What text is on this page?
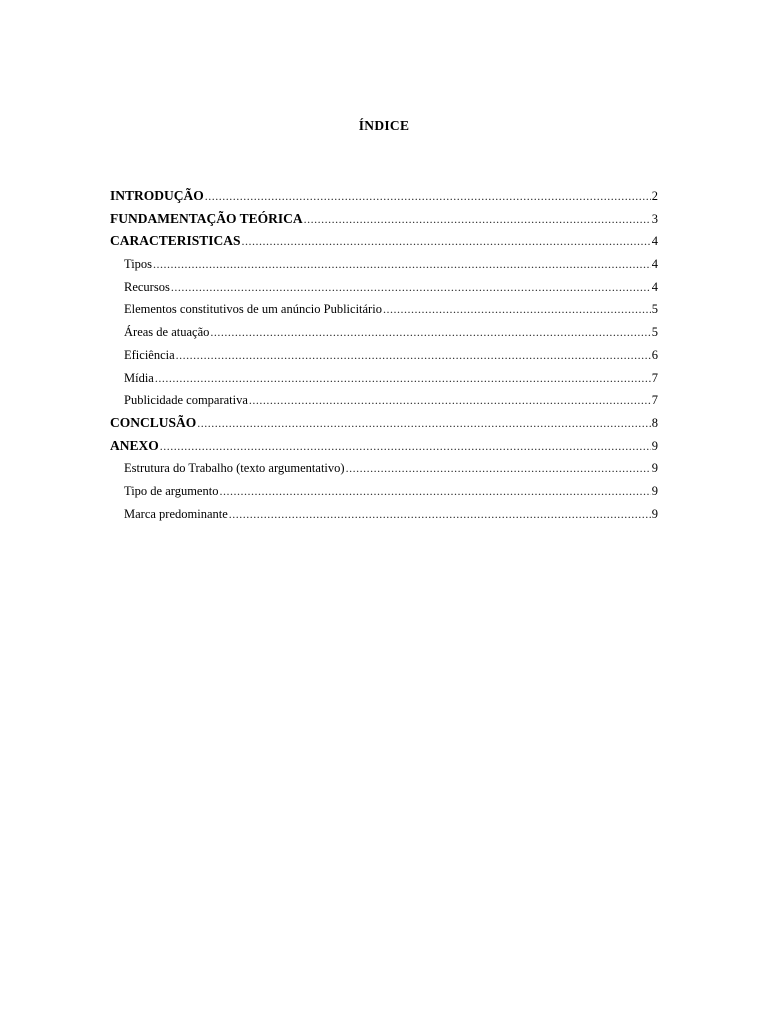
ÍNDICE
INTRODUÇÃO .....	2
FUNDAMENTAÇÃO TEÓRICA .....	3
CARACTERISTICAS .....	4
Tipos .....	4
Recursos .....	4
Elementos constitutivos de um anúncio Publicitário .....	5
Áreas de atuação .....	5
Eficiência .....	6
Mídia .....	7
Publicidade comparativa .....	7
CONCLUSÃO .....	8
ANEXO .....	9
Estrutura do Trabalho (texto argumentativo) .....	9
Tipo de argumento .....	9
Marca predominante .....	9
